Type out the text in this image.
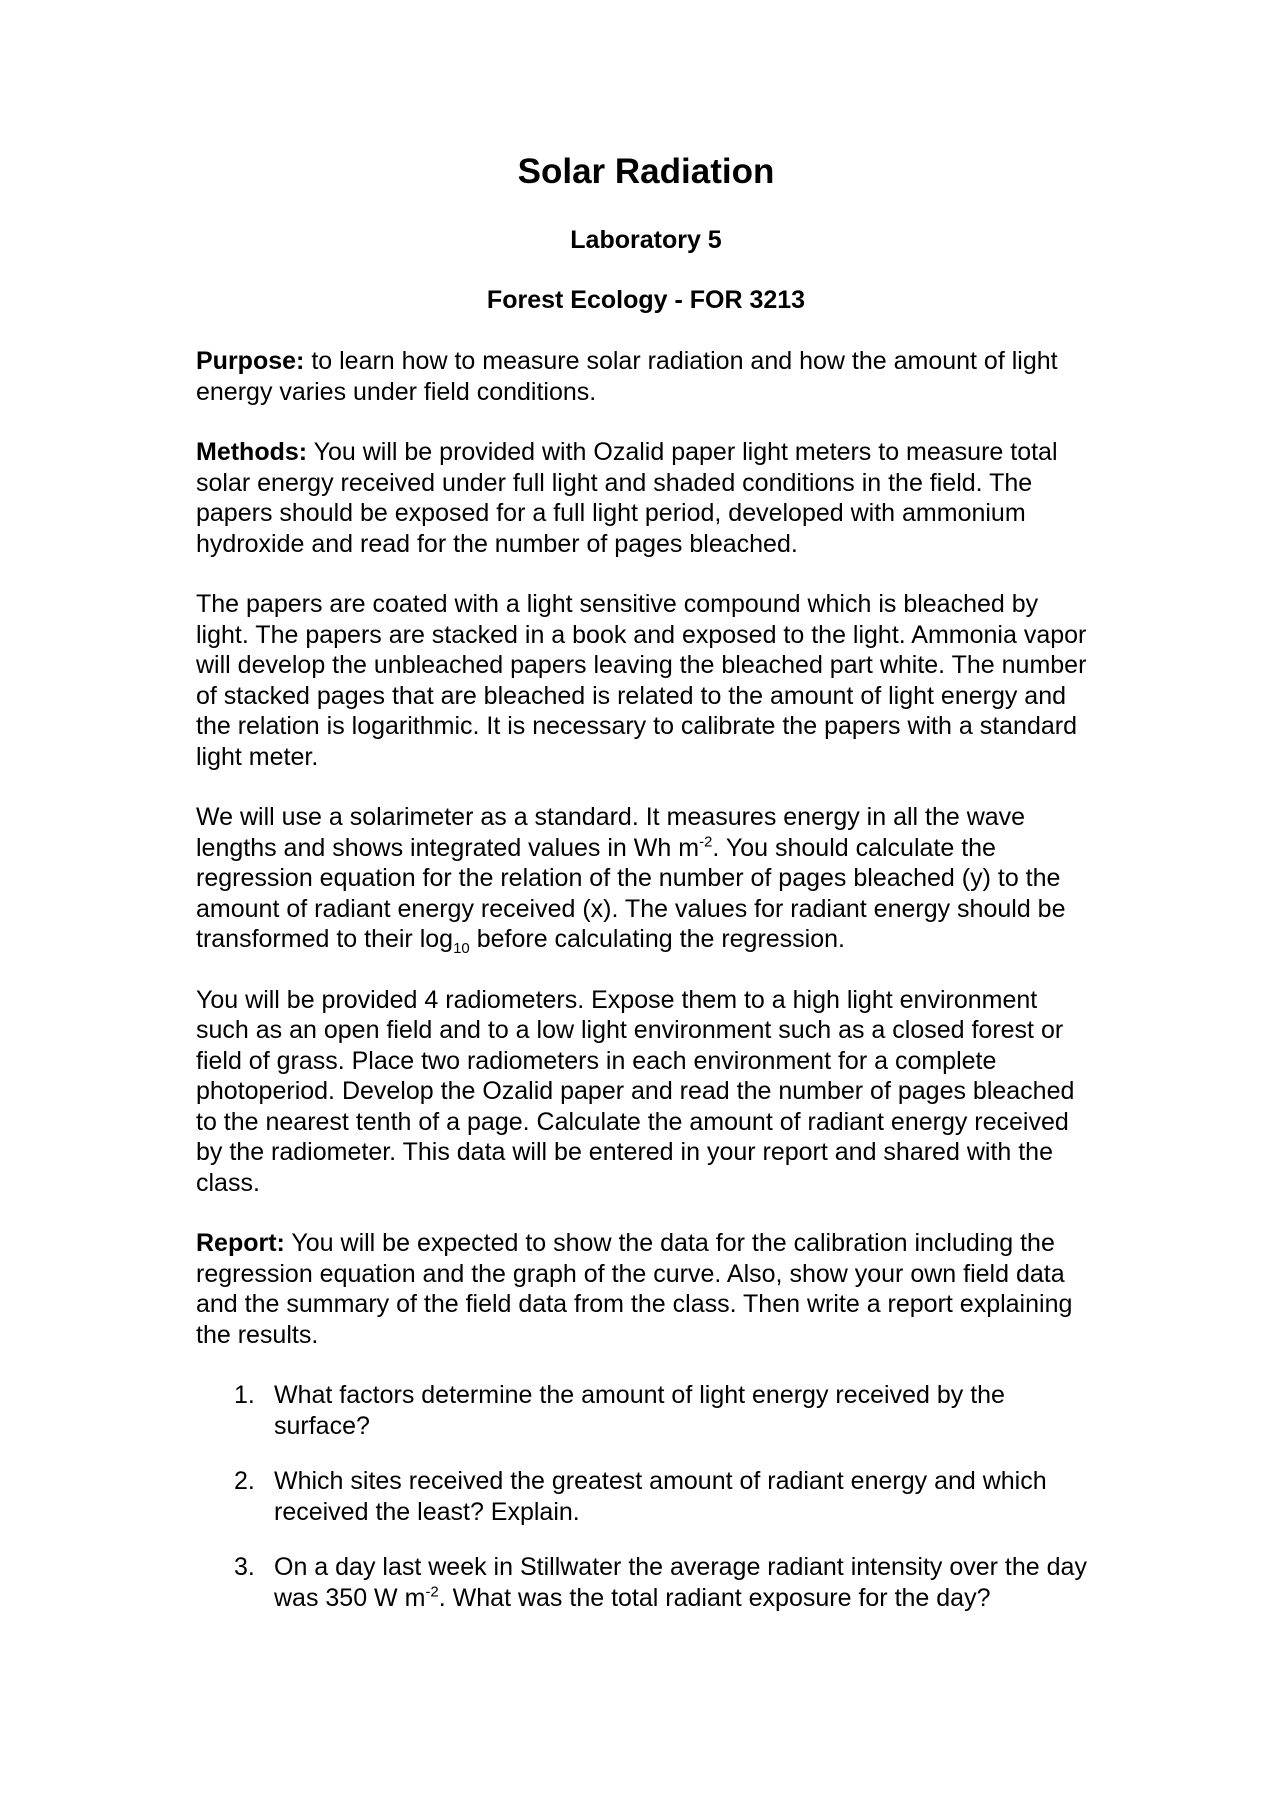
Solar Radiation
Laboratory 5
Forest Ecology - FOR 3213

Purpose: to learn how to measure solar radiation and how the amount of light energy varies under field conditions.

Methods: You will be provided with Ozalid paper light meters to measure total solar energy received under full light and shaded conditions in the field. The papers should be exposed for a full light period, developed with ammonium hydroxide and read for the number of pages bleached.

The papers are coated with a light sensitive compound which is bleached by light. The papers are stacked in a book and exposed to the light. Ammonia vapor will develop the unbleached papers leaving the bleached part white. The number of stacked pages that are bleached is related to the amount of light energy and the relation is logarithmic. It is necessary to calibrate the papers with a standard light meter.

We will use a solarimeter as a standard. It measures energy in all the wave lengths and shows integrated values in Wh $m^{-2}$. You should calculate the regression equation for the relation of the number of pages bleached (y) to the amount of radiant energy received (x). The values for radiant energy should be transformed to their $\log_{10}$ before calculating the regression.

You will be provided 4 radiometers. Expose them to a high light environment such as an open field and to a low light environment such as a closed forest or field of grass. Place two radiometers in each environment for a complete photoperiod. Develop the Ozalid paper and read the number of pages bleached to the nearest tenth of a page. Calculate the amount of radiant energy received by the radiometer. This data will be entered in your report and shared with the class.

Report: You will be expected to show the data for the calibration including the regression equation and the graph of the curve. Also, show your own field data and the summary of the field data from the class. Then write a report explaining the results.

1. What factors determine the amount of light energy received by the surface?
2. Which sites received the greatest amount of radiant energy and which received the least? Explain.
3. On a day last week in Stillwater the average radiant intensity over the day was 350 W $m^{-2}$. What was the total radiant exposure for the day?
